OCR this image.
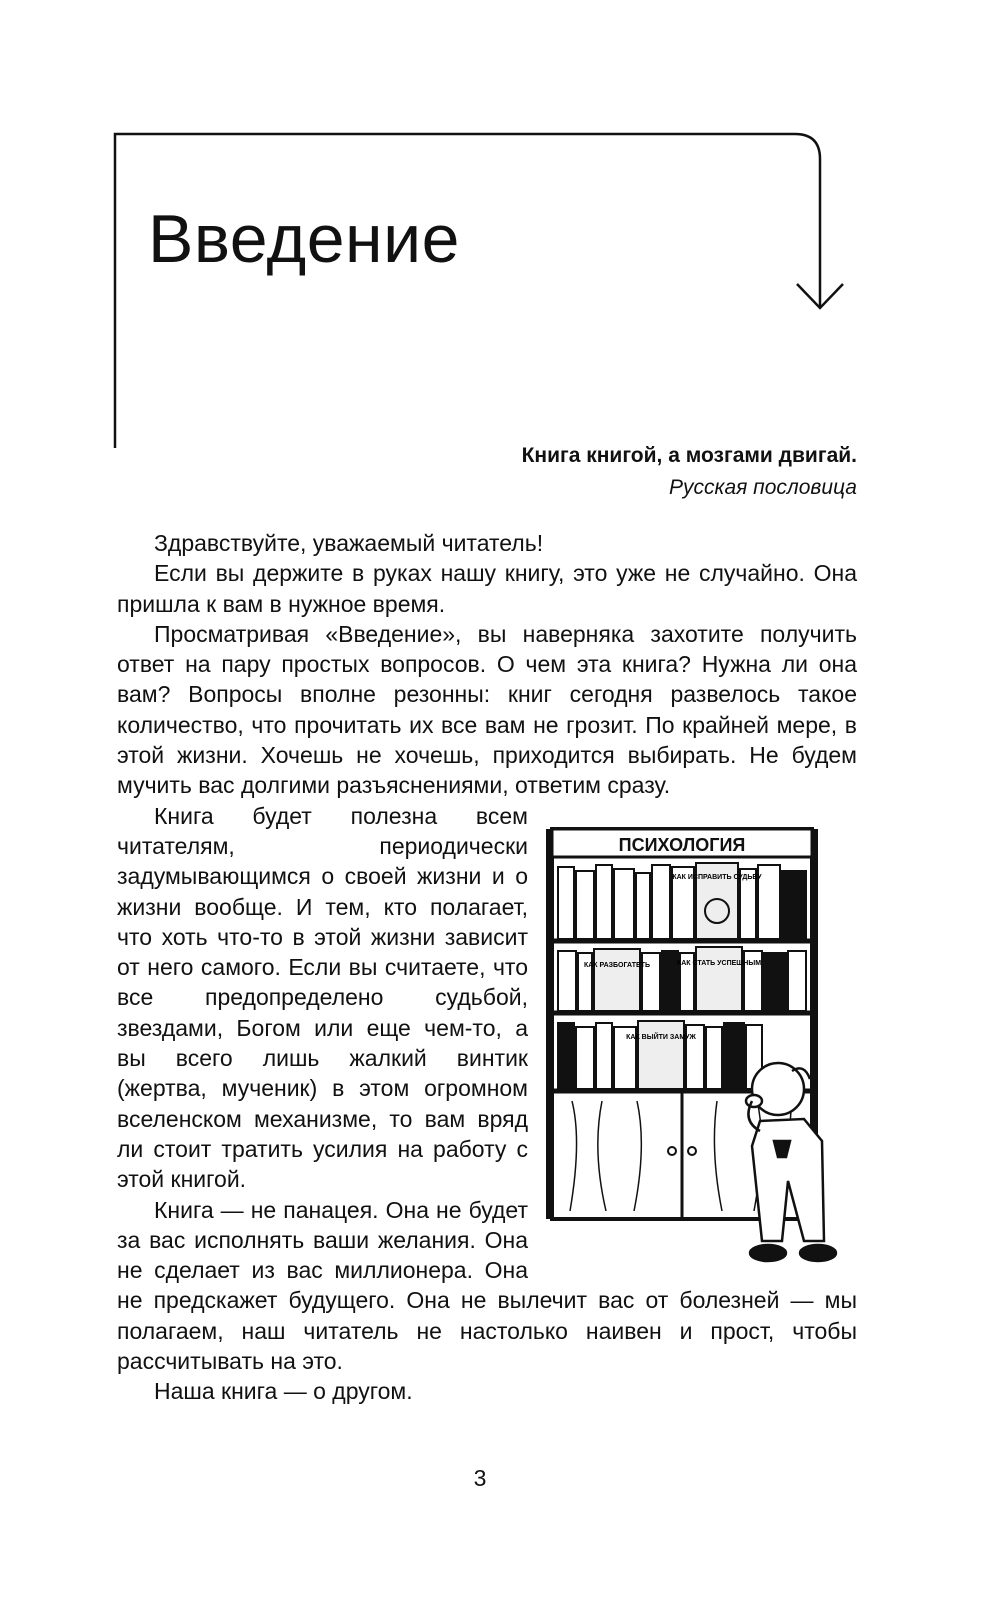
Введение
Книга книгой, а мозгами двигай.
Русская пословица

Здравствуйте, уважаемый читатель!

Если вы держите в руках нашу книгу, это уже не случайно. Она пришла к вам в нужное время.

Просматривая «Введение», вы наверняка захотите получить ответ на пару простых вопросов. О чем эта книга? Нужна ли она вам? Вопросы вполне резонны: книг сегодня развелось такое количество, что прочитать их все вам не грозит. По крайней мере, в этой жизни. Хочешь не хочешь, приходится выбирать. Не будем мучить вас долгими разъяснениями, ответим сразу.

ПСИХОЛОГИЯ
КАК ИСПРАВИТЬ СУДЬБУ
КАК РАЗБОГАТЕТЬ	КАК СТАТЬ УСПЕШНЫМ
КАК ВЫЙТИ ЗАМУЖ

Книга будет полезна всем читателям, периодически задумывающимся о своей жизни и о жизни вообще. И тем, кто полагает, что хоть что-то в этой жизни зависит от него самого. Если вы считаете, что все предопределено судьбой, звездами, Богом или еще чем-то, а вы всего лишь жалкий винтик (жертва, мученик) в этом огромном вселенском механизме, то вам вряд ли стоит тратить усилия на работу с этой книгой.

Книга — не панацея. Она не будет за вас исполнять ваши желания. Она не сделает из вас миллионера. Она не предскажет будущего. Она не вылечит вас от болезней — мы полагаем, наш читатель не настолько наивен и прост, чтобы рассчитывать на это.

Наша книга — о другом.

3
